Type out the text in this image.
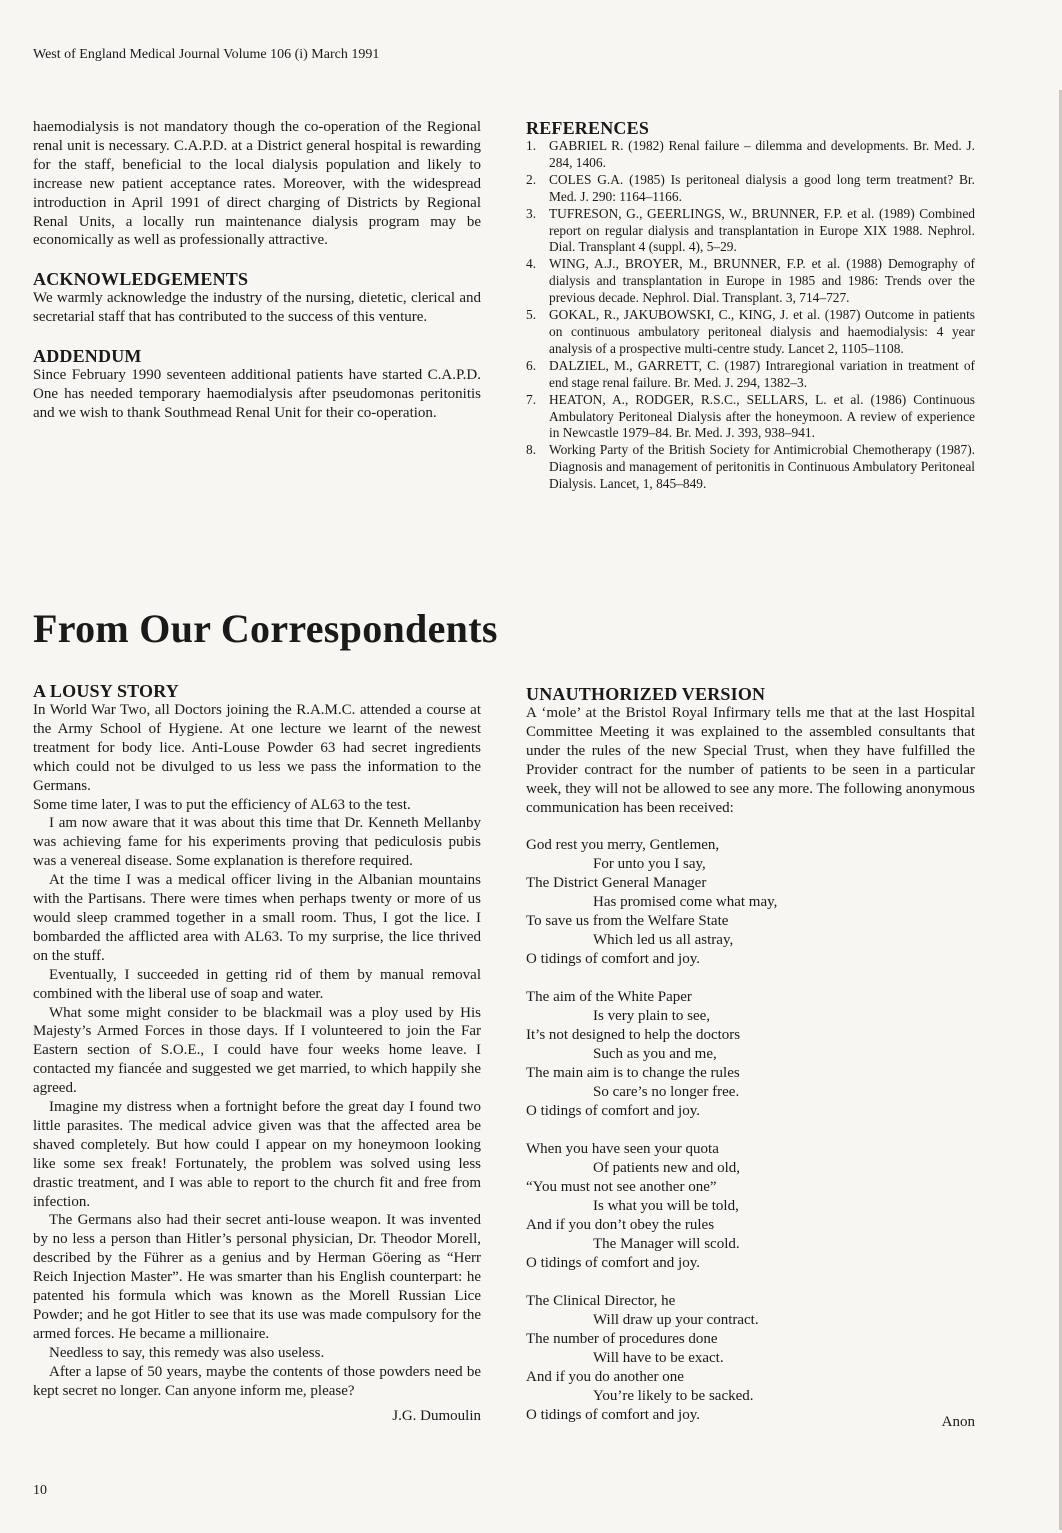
West of England Medical Journal Volume 106 (i) March 1991

haemodialysis is not mandatory though the co-operation of the Regional renal unit is necessary. C.A.P.D. at a District general hospital is rewarding for the staff, beneficial to the local dialysis population and likely to increase new patient acceptance rates. Moreover, with the widespread introduction in April 1991 of direct charging of Districts by Regional Renal Units, a locally run maintenance dialysis program may be economically as well as professionally attractive.

ACKNOWLEDGEMENTS

We warmly acknowledge the industry of the nursing, dietetic, clerical and secretarial staff that has contributed to the success of this venture.

ADDENDUM

Since February 1990 seventeen additional patients have started C.A.P.D. One has needed temporary haemodialysis after pseudomonas peritonitis and we wish to thank Southmead Renal Unit for their co-operation.

REFERENCES
1. GABRIEL R. (1982) Renal failure – dilemma and developments. Br. Med. J. 284, 1406.
2. COLES G.A. (1985) Is peritoneal dialysis a good long term treatment? Br. Med. J. 290: 1164–1166.
3. TUFRESON, G., GEERLINGS, W., BRUNNER, F.P. et al. (1989) Combined report on regular dialysis and transplantation in Europe XIX 1988. Nephrol. Dial. Transplant 4 (suppl. 4), 5–29.
4. WING, A.J., BROYER, M., BRUNNER, F.P. et al. (1988) Demography of dialysis and transplantation in Europe in 1985 and 1986: Trends over the previous decade. Nephrol. Dial. Transplant. 3, 714–727.
5. GOKAL, R., JAKUBOWSKI, C., KING, J. et al. (1987) Outcome in patients on continuous ambulatory peritoneal dialysis and haemodialysis: 4 year analysis of a prospective multi-centre study. Lancet 2, 1105–1108.
6. DALZIEL, M., GARRETT, C. (1987) Intraregional variation in treatment of end stage renal failure. Br. Med. J. 294, 1382–3.
7. HEATON, A., RODGER, R.S.C., SELLARS, L. et al. (1986) Continuous Ambulatory Peritoneal Dialysis after the honeymoon. A review of experience in Newcastle 1979–84. Br. Med. J. 393, 938–941.
8. Working Party of the British Society for Antimicrobial Chemotherapy (1987). Diagnosis and management of peritonitis in Continuous Ambulatory Peritoneal Dialysis. Lancet, 1, 845–849.
From Our Correspondents
A LOUSY STORY

In World War Two, all Doctors joining the R.A.M.C. attended a course at the Army School of Hygiene. At one lecture we learnt of the newest treatment for body lice. Anti-Louse Powder 63 had secret ingredients which could not be divulged to us less we pass the information to the Germans.

Some time later, I was to put the efficiency of AL63 to the test.

I am now aware that it was about this time that Dr. Kenneth Mellanby was achieving fame for his experiments proving that pediculosis pubis was a venereal disease. Some explanation is therefore required.

At the time I was a medical officer living in the Albanian mountains with the Partisans. There were times when perhaps twenty or more of us would sleep crammed together in a small room. Thus, I got the lice. I bombarded the afflicted area with AL63. To my surprise, the lice thrived on the stuff.

Eventually, I succeeded in getting rid of them by manual removal combined with the liberal use of soap and water.

What some might consider to be blackmail was a ploy used by His Majesty’s Armed Forces in those days. If I volunteered to join the Far Eastern section of S.O.E., I could have four weeks home leave. I contacted my fiancée and suggested we get married, to which happily she agreed.

Imagine my distress when a fortnight before the great day I found two little parasites. The medical advice given was that the affected area be shaved completely. But how could I appear on my honeymoon looking like some sex freak! Fortunately, the problem was solved using less drastic treatment, and I was able to report to the church fit and free from infection.

The Germans also had their secret anti-louse weapon. It was invented by no less a person than Hitler’s personal physician, Dr. Theodor Morell, described by the Führer as a genius and by Herman Göering as “Herr Reich Injection Master”. He was smarter than his English counterpart: he patented his formula which was known as the Morell Russian Lice Powder; and he got Hitler to see that its use was made compulsory for the armed forces. He became a millionaire.

Needless to say, this remedy was also useless.

After a lapse of 50 years, maybe the contents of those powders need be kept secret no longer. Can anyone inform me, please?

J.G. Dumoulin

UNAUTHORIZED VERSION

A ‘mole’ at the Bristol Royal Infirmary tells me that at the last Hospital Committee Meeting it was explained to the assembled consultants that under the rules of the new Special Trust, when they have fulfilled the Provider contract for the number of patients to be seen in a particular week, they will not be allowed to see any more. The following anonymous communication has been received:

God rest you merry, Gentlemen,
For unto you I say,
The District General Manager
Has promised come what may,
To save us from the Welfare State
Which led us all astray,
O tidings of comfort and joy.
The aim of the White Paper
Is very plain to see,
It’s not designed to help the doctors
Such as you and me,
The main aim is to change the rules
So care’s no longer free.
O tidings of comfort and joy.
When you have seen your quota
Of patients new and old,
“You must not see another one”
Is what you will be told,
And if you don’t obey the rules
The Manager will scold.
O tidings of comfort and joy.
The Clinical Director, he
Will draw up your contract.
The number of procedures done
Will have to be exact.
And if you do another one
You’re likely to be sacked.
O tidings of comfort and joy.	Anon

10
